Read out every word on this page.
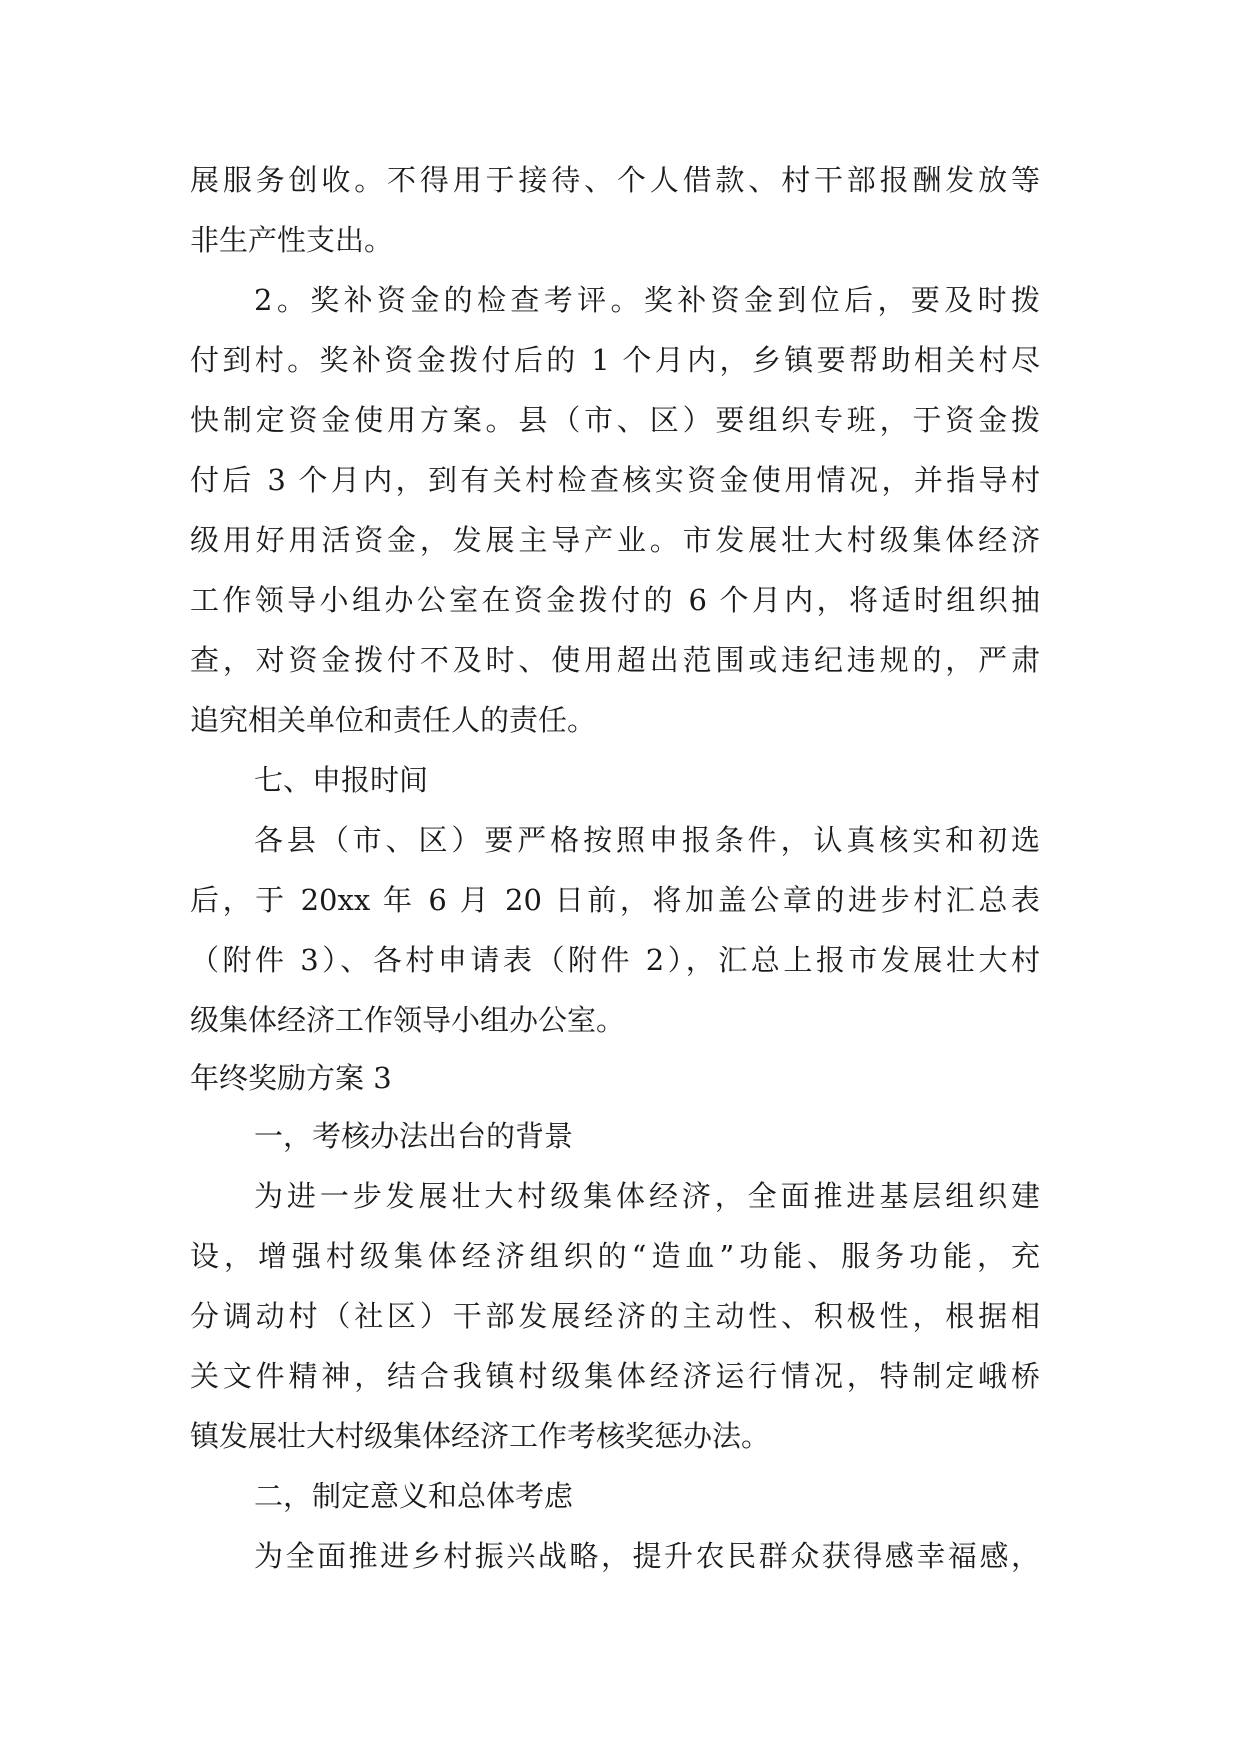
展服务创收。不得用于接待、个人借款、村干部报酬发放等
非生产性支出。
2。奖补资金的检查考评。奖补资金到位后，要及时拨
付到村。奖补资金拨付后的 1 个月内，乡镇要帮助相关村尽
快制定资金使用方案。县（市、区）要组织专班，于资金拨
付后 3 个月内，到有关村检查核实资金使用情况，并指导村
级用好用活资金，发展主导产业。市发展壮大村级集体经济
工作领导小组办公室在资金拨付的 6 个月内，将适时组织抽
查，对资金拨付不及时、使用超出范围或违纪违规的，严肃
追究相关单位和责任人的责任。
七、申报时间
各县（市、区）要严格按照申报条件，认真核实和初选
后，于 20xx 年 6 月 20 日前，将加盖公章的进步村汇总表
（附件 3）、各村申请表（附件 2），汇总上报市发展壮大村
级集体经济工作领导小组办公室。
年终奖励方案 3
一，考核办法出台的背景
为进一步发展壮大村级集体经济，全面推进基层组织建
设，增强村级集体经济组织的“造血”功能、服务功能，充
分调动村（社区）干部发展经济的主动性、积极性，根据相
关文件精神，结合我镇村级集体经济运行情况，特制定峨桥
镇发展壮大村级集体经济工作考核奖惩办法。
二，制定意义和总体考虑
为全面推进乡村振兴战略，提升农民群众获得感幸福感，
